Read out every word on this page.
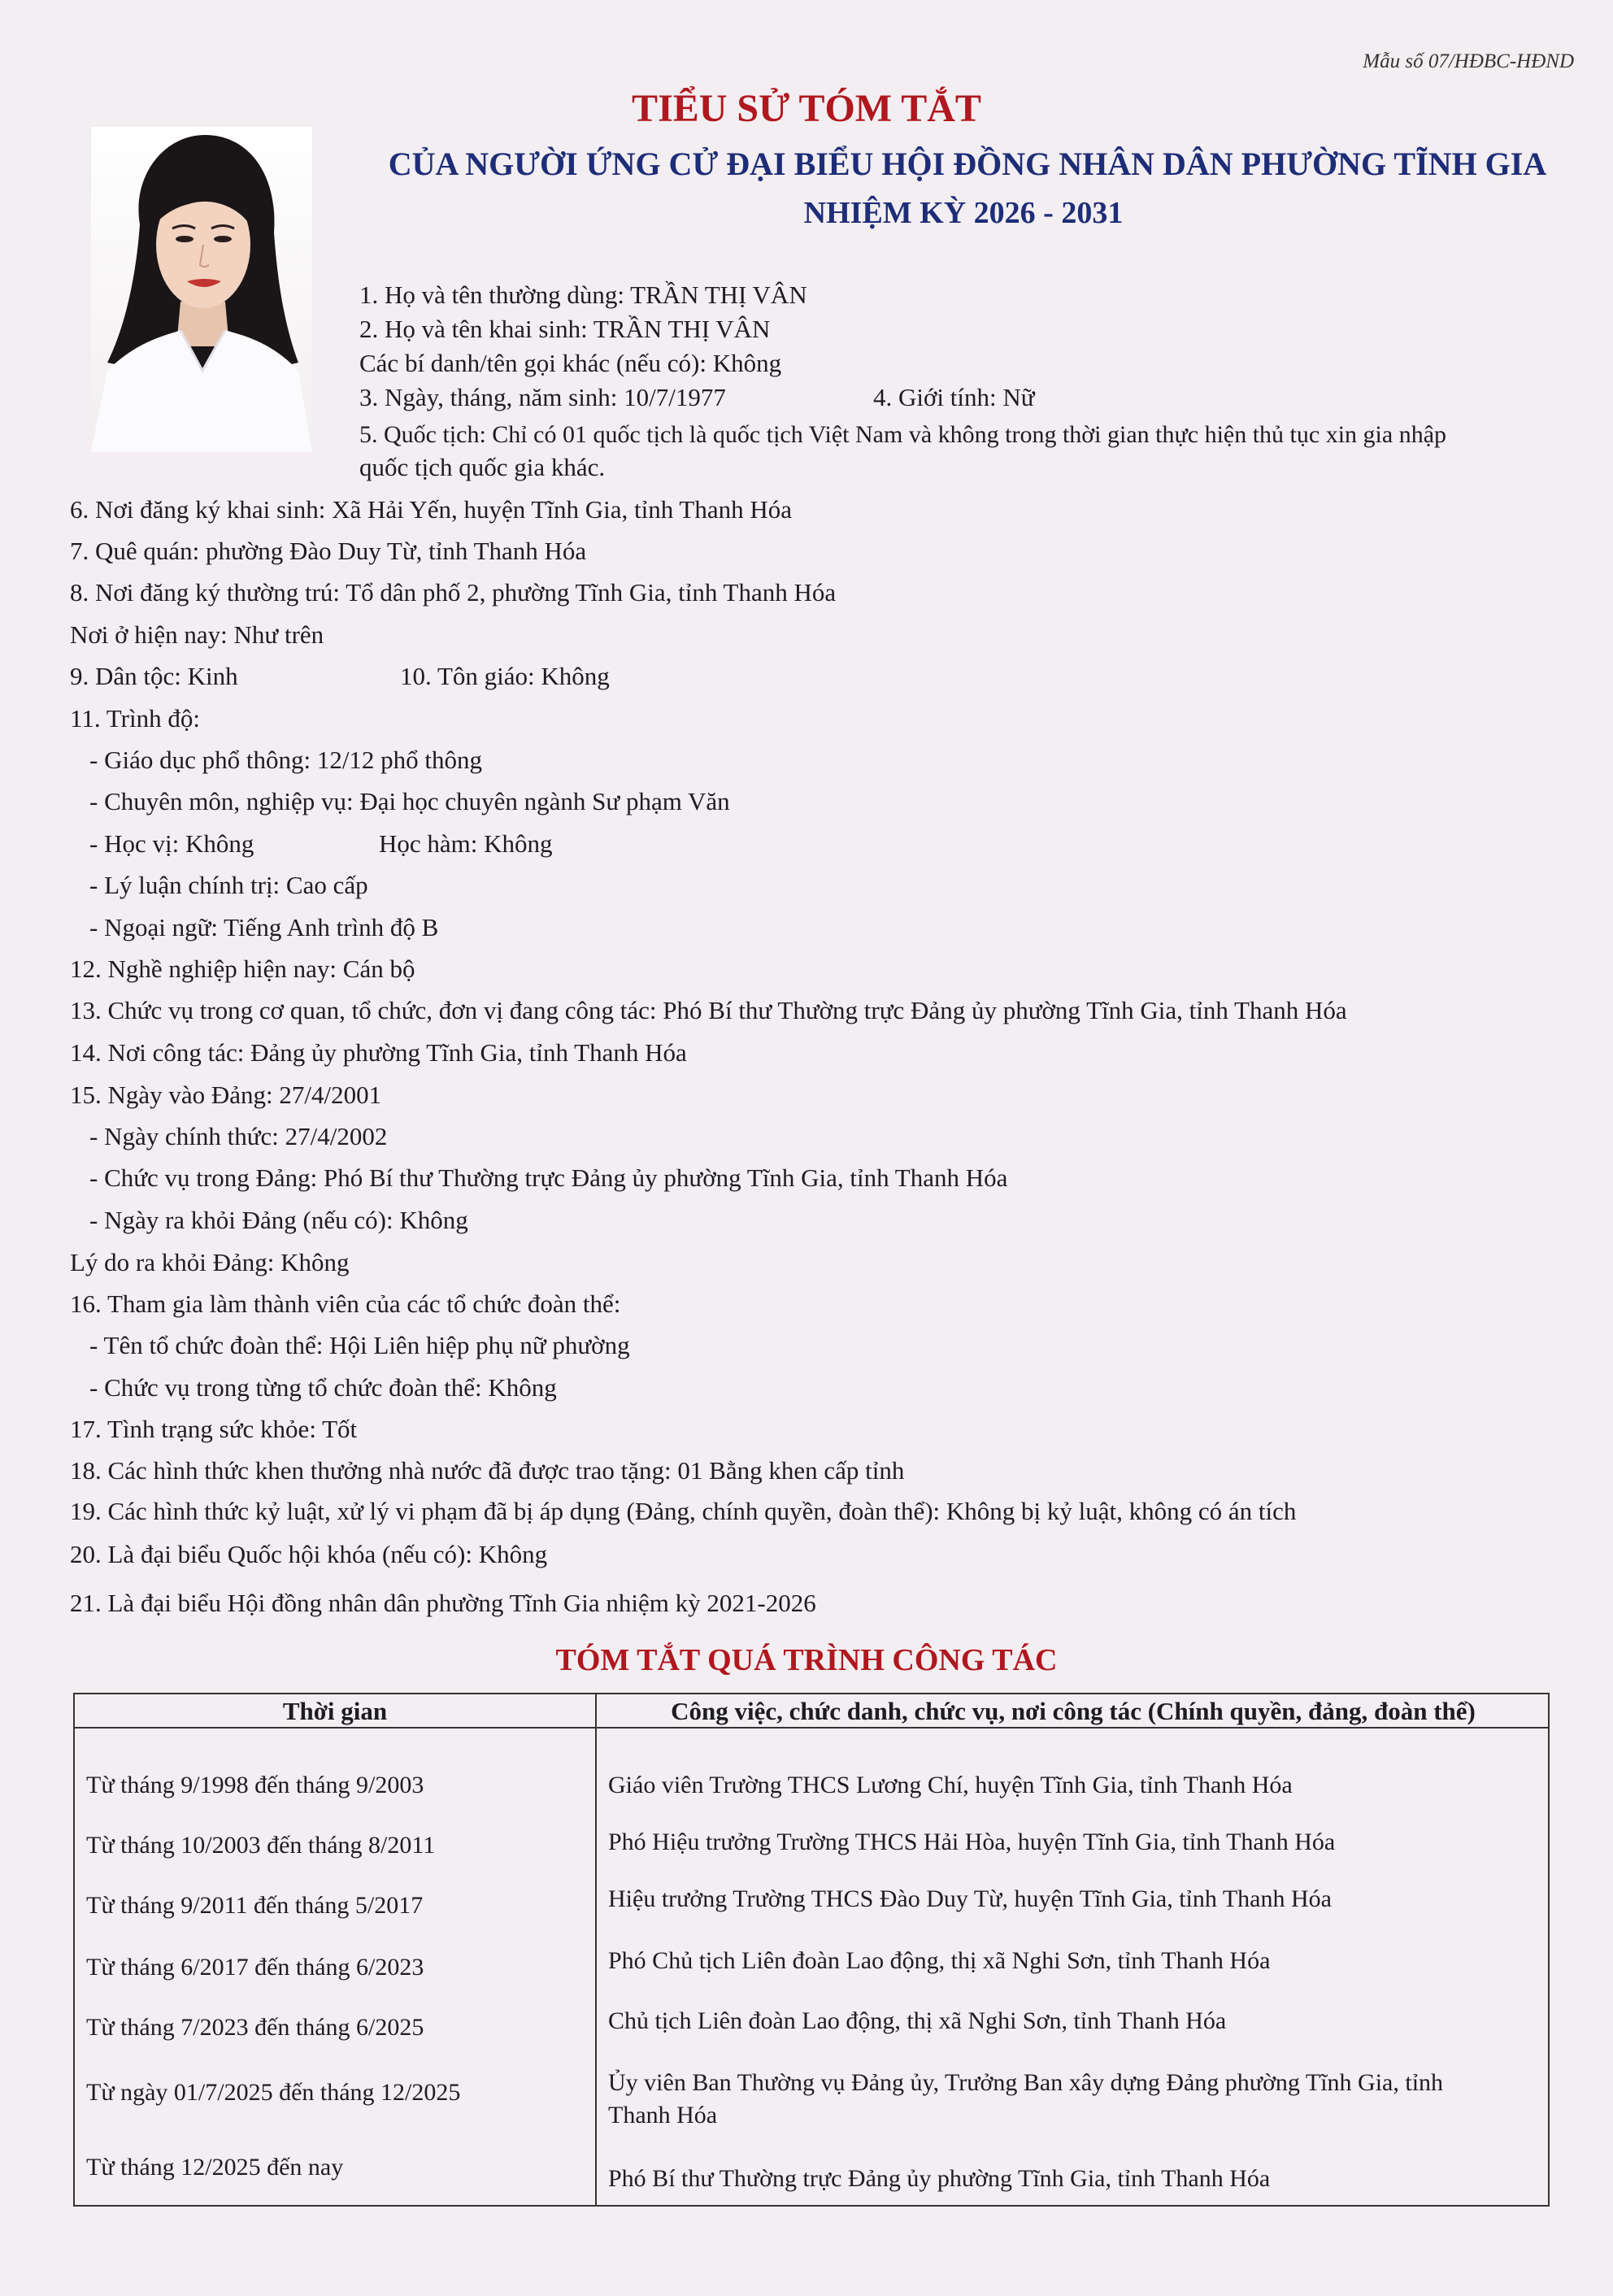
Mẫu số 07/HĐBC-HĐND
TIỂU SỬ TÓM TẮT
CỦA NGƯỜI ỨNG CỬ ĐẠI BIỂU HỘI ĐỒNG NHÂN DÂN PHƯỜNG TĨNH GIA
NHIỆM KỲ 2026 - 2031
1. Họ và tên thường dùng: TRẦN THỊ VÂN
2. Họ và tên khai sinh: TRẦN THỊ VÂN
Các bí danh/tên gọi khác (nếu có): Không
3. Ngày, tháng, năm sinh: 10/7/1977	4. Giới tính: Nữ
5. Quốc tịch: Chỉ có 01 quốc tịch là quốc tịch Việt Nam và không trong thời gian thực hiện thủ tục xin gia nhập
quốc tịch quốc gia khác.
6. Nơi đăng ký khai sinh: Xã Hải Yến, huyện Tĩnh Gia, tỉnh Thanh Hóa
7. Quê quán: phường Đào Duy Từ, tỉnh Thanh Hóa
8. Nơi đăng ký thường trú: Tổ dân phố 2, phường Tĩnh Gia, tỉnh Thanh Hóa
Nơi ở hiện nay: Như trên
9. Dân tộc: Kinh	10. Tôn giáo: Không
11. Trình độ:
- Giáo dục phổ thông: 12/12 phổ thông
- Chuyên môn, nghiệp vụ: Đại học chuyên ngành Sư phạm Văn
- Học vị: Không	Học hàm: Không
- Lý luận chính trị: Cao cấp
- Ngoại ngữ: Tiếng Anh trình độ B
12. Nghề nghiệp hiện nay: Cán bộ
13. Chức vụ trong cơ quan, tổ chức, đơn vị đang công tác: Phó Bí thư Thường trực Đảng ủy phường Tĩnh Gia, tỉnh Thanh Hóa
14. Nơi công tác: Đảng ủy phường Tĩnh Gia, tỉnh Thanh Hóa
15. Ngày vào Đảng: 27/4/2001
- Ngày chính thức: 27/4/2002
- Chức vụ trong Đảng: Phó Bí thư Thường trực Đảng ủy phường Tĩnh Gia, tỉnh Thanh Hóa
- Ngày ra khỏi Đảng (nếu có): Không
Lý do ra khỏi Đảng: Không
16. Tham gia làm thành viên của các tổ chức đoàn thể:
- Tên tổ chức đoàn thể: Hội Liên hiệp phụ nữ phường
- Chức vụ trong từng tổ chức đoàn thể: Không
17. Tình trạng sức khỏe: Tốt
18. Các hình thức khen thưởng nhà nước đã được trao tặng: 01 Bằng khen cấp tỉnh
19. Các hình thức kỷ luật, xử lý vi phạm đã bị áp dụng (Đảng, chính quyền, đoàn thể): Không bị kỷ luật, không có án tích
20. Là đại biểu Quốc hội khóa (nếu có): Không
21. Là đại biểu Hội đồng nhân dân phường Tĩnh Gia nhiệm kỳ 2021-2026
TÓM TẮT QUÁ TRÌNH CÔNG TÁC
Thời gian	Công việc, chức danh, chức vụ, nơi công tác (Chính quyền, đảng, đoàn thể)
Từ tháng 9/1998 đến tháng 9/2003	Giáo viên Trường THCS Lương Chí, huyện Tĩnh Gia, tỉnh Thanh Hóa
Từ tháng 10/2003 đến tháng 8/2011	Phó Hiệu trưởng Trường THCS Hải Hòa, huyện Tĩnh Gia, tỉnh Thanh Hóa
Từ tháng 9/2011 đến tháng 5/2017	Hiệu trưởng Trường THCS Đào Duy Từ, huyện Tĩnh Gia, tỉnh Thanh Hóa
Từ tháng 6/2017 đến tháng 6/2023	Phó Chủ tịch Liên đoàn Lao động, thị xã Nghi Sơn, tỉnh Thanh Hóa
Từ tháng 7/2023 đến tháng 6/2025	Chủ tịch Liên đoàn Lao động, thị xã Nghi Sơn, tỉnh Thanh Hóa
Từ ngày 01/7/2025 đến tháng 12/2025	Ủy viên Ban Thường vụ Đảng ủy, Trưởng Ban xây dựng Đảng phường Tĩnh Gia, tỉnh
Thanh Hóa
Từ tháng 12/2025 đến nay	Phó Bí thư Thường trực Đảng ủy phường Tĩnh Gia, tỉnh Thanh Hóa
